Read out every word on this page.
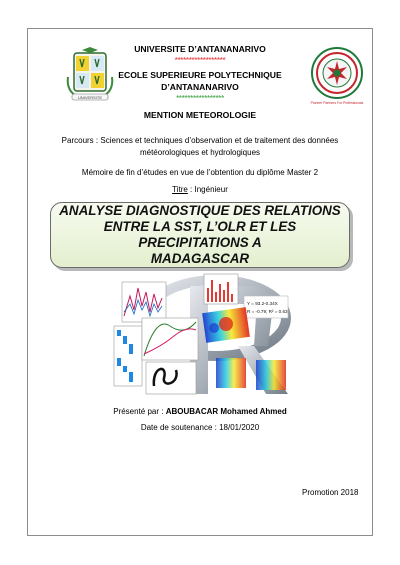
UNIVERSITE
Pioneer Partners For Professionals
UNIVERSITE D’ANTANANARIVO
******************
ECOLE SUPERIEURE POLYTECHNIQUE
D’ANTANANARIVO
*****************
MENTION METEOROLOGIE
Parcours : Sciences et techniques d’observation et de traitement des données
météorologiques et hydrologiques
Mémoire de fin d’études en vue de l’obtention du diplôme Master 2
Titre : Ingénieur
ANALYSE DIAGNOSTIQUE DES RELATIONS
ENTRE LA SST, L’OLR ET LES PRECIPITATIONS A
MADAGASCAR
Y = 93.2-0.34X
R = -0.79; R² = 0.63
Présenté par : ABOUBACAR Mohamed Ahmed
Date de soutenance : 18/01/2020
Promotion 2018
